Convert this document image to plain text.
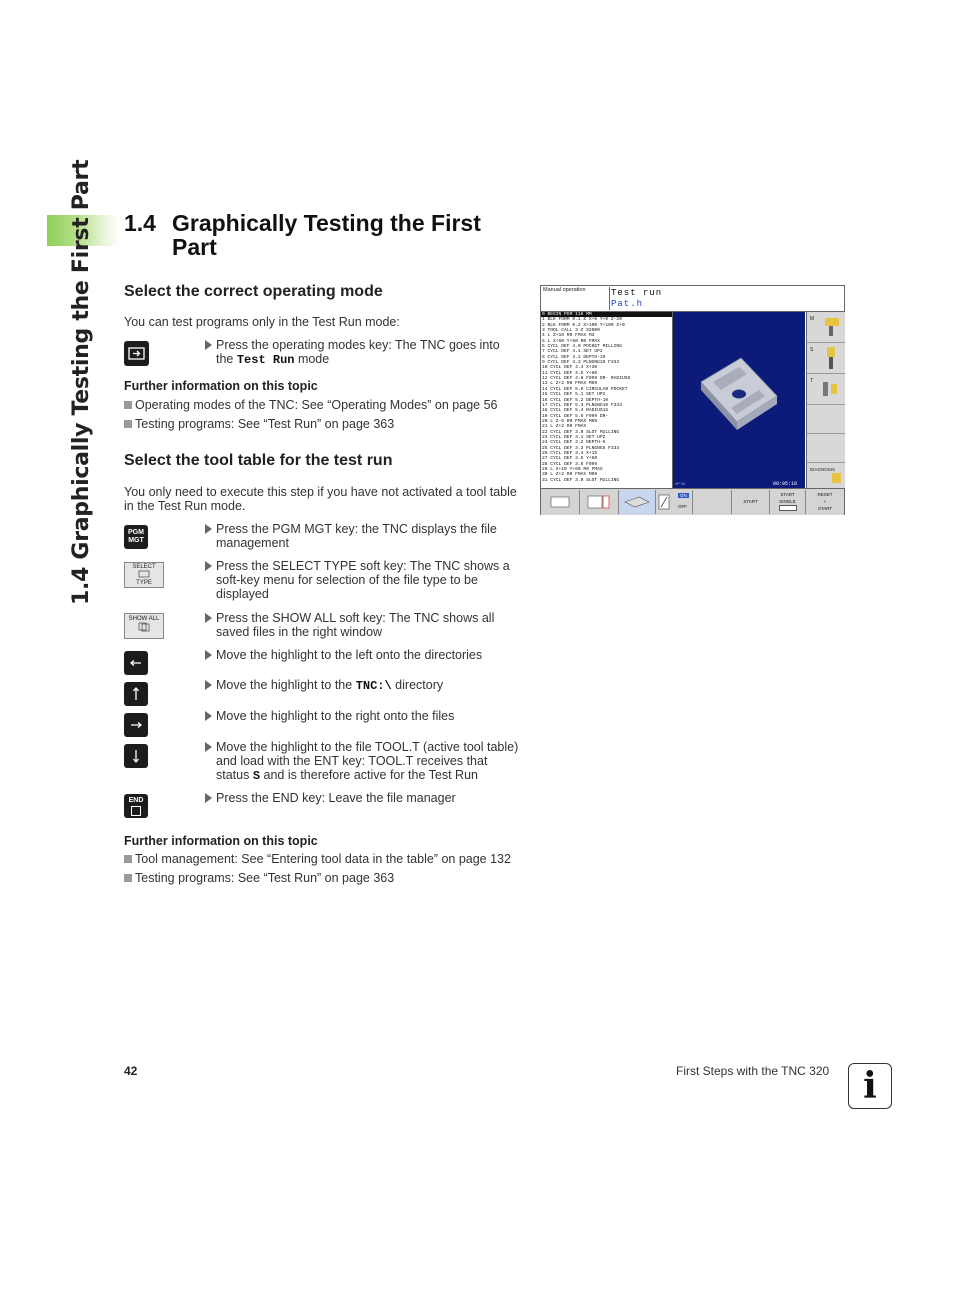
1.4 Graphically Testing the First Part 1.4 Graphically Testing the First
Part
Select the correct operating mode
You can test programs only in the Test Run mode:
Press the operating modes key: The TNC goes into
the Test Run mode
Further information on this topic
Operating modes of the TNC: See “Operating Modes” on page 56
Testing programs: See “Test Run” on page 363
Select the tool table for the test run
You only need to execute this step if you have not activated a tool table in the Test Run mode.
PGM MGT
Press the PGM MGT key: the TNC displays the file management
SELECT
TYPE
Press the SELECT TYPE soft key: The TNC shows a soft-key menu for selection of the file type to be displayed
SHOW ALL	Press the SHOW ALL soft key: The TNC shows all saved files in the right window
Move the highlight to the left onto the directories
Move the highlight to the TNC:\ directory
Move the highlight to the right onto the files
Move the highlight to the file TOOL.T (active tool table) and load with the ENT key: TOOL.T receives that status S and is therefore active for the Test Run
END	Press the END key: Leave the file manager
Further information on this topic
Tool management: See “Entering tool data in the table” on page 132
Testing programs: See “Test Run” on page 363
Manual operation	Test run
Pat.h
0 BEGIN PGM 116 MM
1 BLK FORM 0.1 Z X+0 Y+0 Z-20
2 BLK FORM 0.2 X+100 Y+100 Z+0
3 TOOL CALL 3 Z S2000
4 L Z+10 R0 FMAX M3
5 L X+50 Y+50 R0 FMAX
6 CYCL DEF 4.0 POCKET MILLING
7 CYCL DEF 4.1 SET UP2
8 CYCL DEF 4.2 DEPTH-10
9 CYCL DEF 4.3 PLNGNG10 F333
10 CYCL DEF 4.4 X+30
11 CYCL DEF 4.5 Y+60
12 CYCL DEF 4.6 F999 DR- RADIUS5
13 L Z+2 R0 FMAX M99
14 CYCL DEF 5.0 CIRCULAR POCKET
15 CYCL DEF 5.1 SET UP2
16 CYCL DEF 5.2 DEPTH-10
17 CYCL DEF 5.3 PLNGNG10 F333
18 CYCL DEF 5.4 RADIUS15
19 CYCL DEF 5.5 F999 DR-
20 L Z-5 R0 FMAX M99
21 L Z+2 R0 FMAX
22 CYCL DEF 3.0 SLOT MILLING
23 CYCL DEF 3.1 SET UP2
24 CYCL DEF 3.2 DEPTH-5
25 CYCL DEF 3.3 PLNGNG5 F333
26 CYCL DEF 3.4 X+15
27 CYCL DEF 3.5 Y+60
28 CYCL DEF 3.6 F999
29 L X+10 Y+60 R0 FMAX
30 L Z+2 R0 FMAX M99
31 CYCL DEF 3.0 SLOT MILLING
0P 50	00:05:18
M
S
T
DIAGNOSIS
ON
OFF
START
START
SINGLE
RESET
+
START
42	First Steps with the TNC 320 i
